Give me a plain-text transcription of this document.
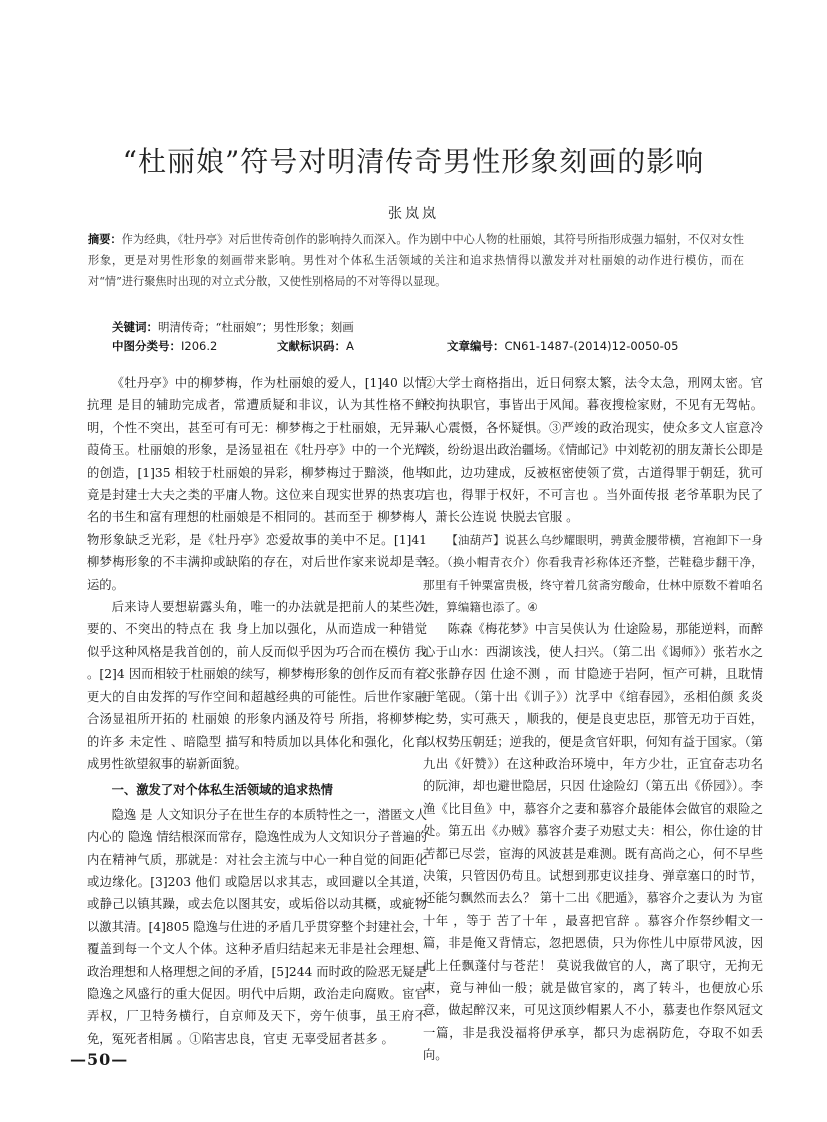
“杜丽娘”符号对明清传奇男性形象刻画的影响
张岚岚
摘要：作为经典，《牡丹亭》对后世传奇创作的影响持久而深入。作为剧中中心人物的杜丽娘，其符号所指形成强力辐射，不仅对女性形象，更是对男性形象的刻画带来影响。男性对个体私生活领域的关注和追求热情得以激发并对杜丽娘的动作进行模仿，而在对“情”进行聚焦时出现的对立式分散，又使性别格局的不对等得以显现。
关键词：明清传奇；“杜丽娘”；男性形象；刻画
中图分类号：I206.2	文献标识码：A	文章编号：CN61-1487-(2014)12-0050-05

《牡丹亭》中的柳梦梅，作为杜丽娘的爱人，[1]40 以情抗理 是目的辅助完成者，常遭质疑和非议，认为其性格不鲜明，个性不突出，甚至可有可无：柳梦梅之于杜丽娘，无异蒹葭倚玉。杜丽娘的形象，是汤显祖在《牡丹亭》中的一个光辉的创造，[1]35 相较于杜丽娘的异彩，柳梦梅过于黯淡，他毕竟是封建士大夫之类的平庸人物。这位来自现实世界的热衷功名的书生和富有理想的杜丽娘是不相同的。甚而至于 柳梦梅人物形象缺乏光彩，是《牡丹亭》恋爱故事的美中不足。[1]41 柳梦梅形象的不丰满抑或缺陷的存在，对后世作家来说却是幸运的。

后来诗人要想崭露头角，唯一的办法就是把前人的某些次要的、不突出的特点在 我 身上加以强化，从而造成一种错觉 似乎这种风格是我首创的，前人反而似乎因为巧合而在模仿 我 。[2]4 因而相较于杜丽娘的续写，柳梦梅形象的创作反而有着更大的自由发挥的写作空间和超越经典的可能性。后世作家融合汤显祖所开拓的 杜丽娘 的形象内涵及符号 所指，将柳梦梅的许多 未定性 、暗隐型 描写和特质加以具体化和强化，化育成男性欲望叙事的崭新面貌。

一、激发了对个体私生活领域的追求热情

隐逸 是 人文知识分子在世生存的本质特性之一，潜匿文人内心的 隐逸 情结根深而常存，隐逸性成为人文知识分子普遍的内在精神气质，那就是：对社会主流与中心一种自觉的间距化或边缘化。[3]203 他们 或隐居以求其志，或回避以全其道，或静己以镇其躁，或去危以图其安，或垢俗以动其概，或疵物以激其清。[4]805 隐逸与仕进的矛盾几乎贯穿整个封建社会，覆盖到每一个文人个体。这种矛盾归结起来无非是社会理想、政治理想和人格理想之间的矛盾，[5]244 而时政的险恶无疑是隐逸之风盛行的重大促因。明代中后期，政治走向腐败。宦官弄权，厂卫特务横行，自京师及天下，旁午侦事，虽王府不免，冤死者相属 。①陷害忠良，官吏 无辜受屈者甚多 。

②大学士商格指出，近日伺察太繁，法令太急，刑网太密。官校拘执职官，事皆出于风闻。暮夜搜检家财，不见有无驾帖。人心震慑，各怀疑惧。③严竣的政治现实，使众多文人宦意冷淡，纷纷退出政治疆场。《情邮记》中刘乾初的朋友萧长公即是如此，边功建成，反被枢密使领了赏，古道得罪于朝廷，犹可言也，得罪于权奸，不可言也 。当外面传报 老爷革职为民了 ，萧长公连说 快脱去官服 。

【油葫芦】说甚么乌纱耀眼明，骋黄金腰带横，宫袍卸下一身轻。（换小帽青衣介）你看我青衫称体还齐整，芒鞋稳步翻干净，那里有千钟粟富贵极，终守着几贫斋穷酸命，仕林中原数不着咱名姓，算编籍也添了。④

陈森《梅花梦》中言吴侠认为 仕途险易，那能逆料，而醉心于山水：西湖该浅，使人扫兴。（第二出《谒师》）张若水之父张静存因 仕途不测 ，而 甘隐迹于岩阿，恒产可耕，且耽情于笔砚。（第十出《训子》）沈孚中《绾春园》，丞相伯颜 炙炎之势，实可燕天 ，顺我的，便是良吏忠臣，那管无功于百姓，以权势压朝廷；逆我的，便是贪官奸职，何知有益于国家。（第九出《奸赞》）在这种政治环境中，年方少壮，正宜奋志功名 的阮渖，却也避世隐居，只因 仕途险幻（第五出《侨园》）。李渔《比目鱼》中，慕容介之妻和慕容介最能体会做官的艰险之处。第五出《办贼》慕容介妻子劝慰丈夫：相公，你仕途的甘苦都已尽尝，宦海的风波甚是难测。既有高尚之心，何不早些决策，只管因仍苟且。试想到那吏议挂身、弹章塞口的时节，还能匀飘然而去么？ 第十二出《肥遁》，慕容介之妻认为 为宦十年 ，等于 苦了十年 ，最喜把官辞 。慕容介作祭纱帽文一篇，非是俺又背情忘，忽把恩债，只为你性儿中原带风波，因此上任飘蓬付与苍茫！ 莫说我做官的人，离了职守，无拘无束，竟与神仙一般；就是做官家的，离了转斗，也便放心乐意，做起醉汉来，可见这顶纱帽累人不小，慕妻也作祭风冠文一篇，非是我没福将伊承享，都只为虑祸防危，夺取不如丢向。

—50—
